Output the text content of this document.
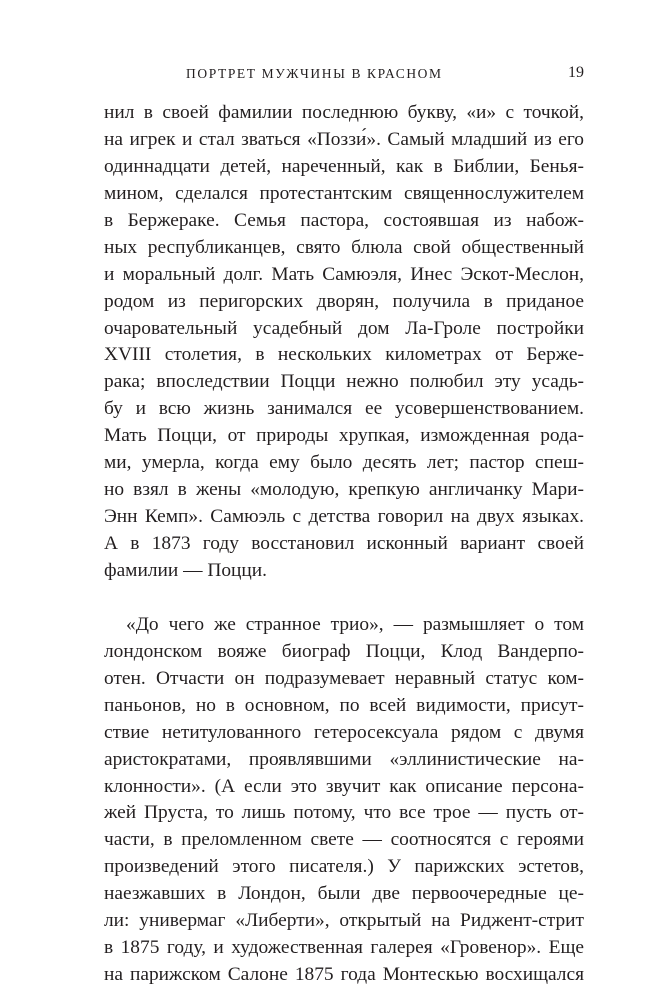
ПОРТРЕТ МУЖЧИНЫ В КРАСНОМ	19
нил в своей фамилии последнюю букву, «и» с точкой,
на игрек и стал зваться «Поззи́». Самый младший из его
одиннадцати детей, нареченный, как в Библии, Бенья-
мином, сделался протестантским священнослужителем
в Бержераке. Семья пастора, состоявшая из набож-
ных республиканцев, свято блюла свой общественный
и моральный долг. Мать Самюэля, Инес Эскот-Меслон,
родом из перигорских дворян, получила в приданое
очаровательный усадебный дом Ла-Гроле постройки
XVIII столетия, в нескольких километрах от Берже-
рака; впоследствии Поцци нежно полюбил эту усадь-
бу и всю жизнь занимался ее усовершенствованием.
Мать Поцци, от природы хрупкая, изможденная рода-
ми, умерла, когда ему было десять лет; пастор спеш-
но взял в жены «молодую, крепкую англичанку Мари-
Энн Кемп». Самюэль с детства говорил на двух языках.
А в 1873 году восстановил исконный вариант своей
фамилии — Поцци.
«До чего же странное трио», — размышляет о том
лондонском вояже биограф Поцци, Клод Вандерпо-
отен. Отчасти он подразумевает неравный статус ком-
паньонов, но в основном, по всей видимости, присут-
ствие нетитулованного гетеросексуала рядом с двумя
аристократами, проявлявшими «эллинистические на-
клонности». (А если это звучит как описание персона-
жей Пруста, то лишь потому, что все трое — пусть от-
части, в преломленном свете — соотносятся с героями
произведений этого писателя.) У парижских эстетов,
наезжавших в Лондон, были две первоочередные це-
ли: универмаг «Либерти», открытый на Риджент-стрит
в 1875 году, и художественная галерея «Гровенор». Еще
на парижском Салоне 1875 года Монтескью восхищался
